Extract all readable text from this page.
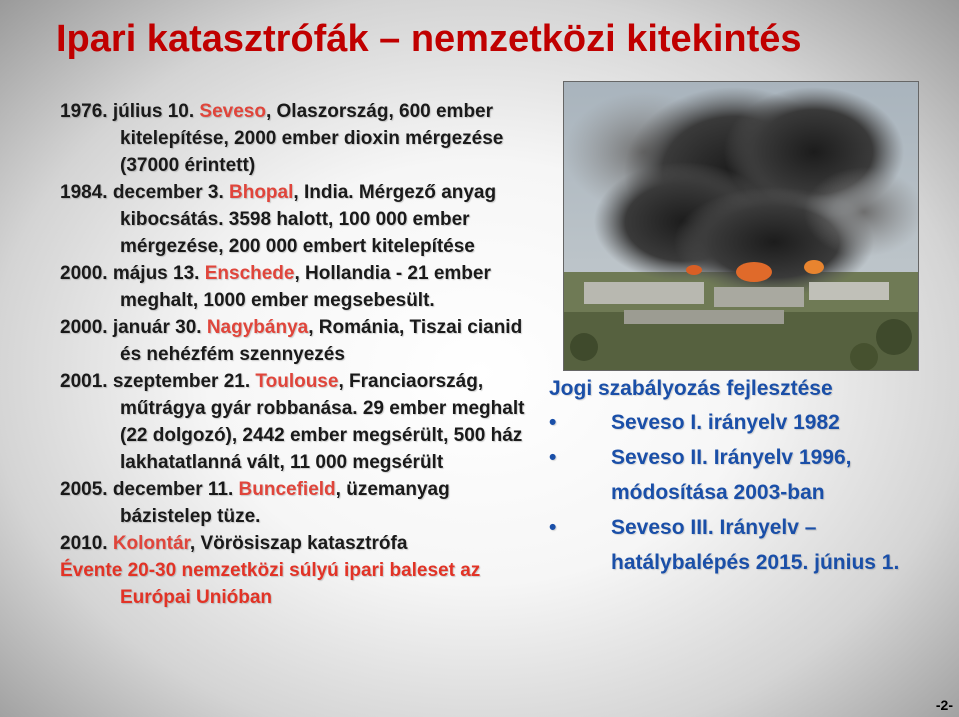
Ipari katasztrófák – nemzetközi kitekintés
1976. július 10. Seveso, Olaszország, 600 ember kitelepítése, 2000 ember dioxin mérgezése (37000 érintett)
1984. december 3. Bhopal, India. Mérgező anyag kibocsátás. 3598 halott, 100 000 ember mérgezése, 200 000 embert kitelepítése
2000. május 13. Enschede, Hollandia - 21 ember meghalt, 1000 ember megsebesült.
2000. január 30. Nagybánya, Románia, Tiszai cianid és nehézfém szennyezés
2001. szeptember 21. Toulouse, Franciaország, műtrágya gyár robbanása. 29 ember meghalt (22 dolgozó), 2442 ember megsérült, 500 ház lakhatatlanná vált, 11 000 megsérült
2005. december 11. Buncefield, üzemanyag bázistelep tüze.
2010. Kolontár, Vörösiszap katasztrófa
Évente 20-30 nemzetközi súlyú ipari baleset az Európai Unióban
Jogi szabályozás fejlesztése
•	Seveso I. irányelv 1982
•	Seveso II. Irányelv 1996, módosítása 2003-ban
•	Seveso III. Irányelv – hatálybalépés 2015. június 1.
-2-
